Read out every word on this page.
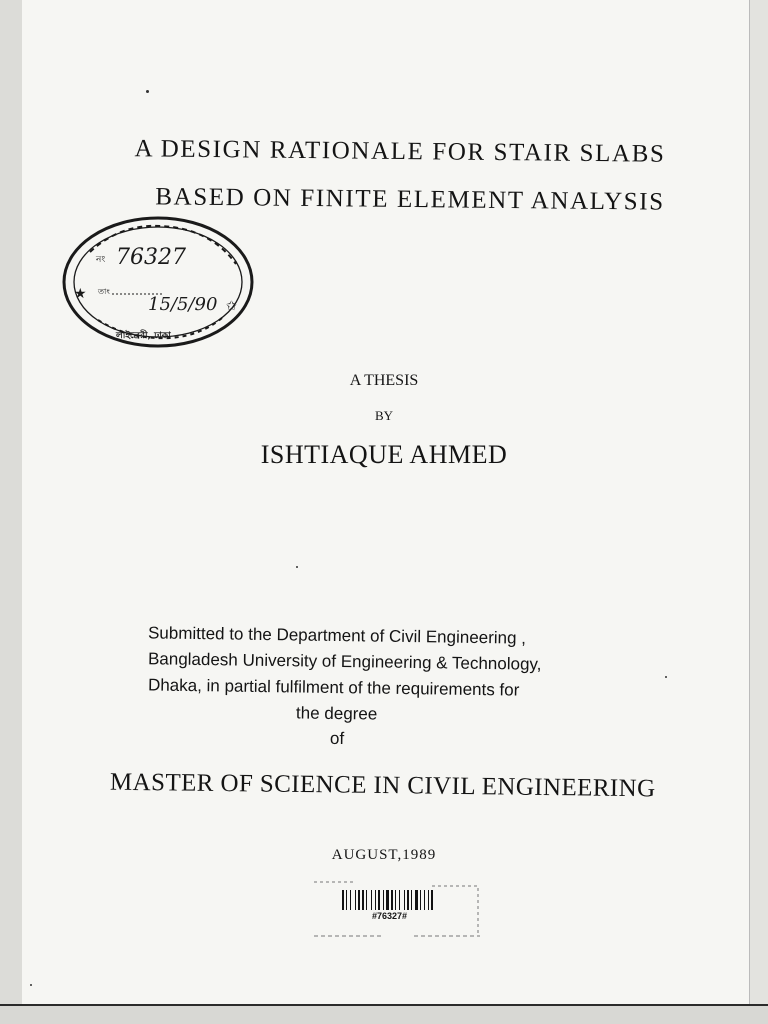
A DESIGN RATIONALE FOR STAIR SLABS
BASED ON FINITE ELEMENT ANALYSIS
★
✩
নং
তাং
76327
15/5/90
লাইব্রেরী, ঢাকা
A THESIS
BY
ISHTIAQUE AHMED
Submitted to the Department of Civil Engineering ,
Bangladesh University of Engineering & Technology,
Dhaka, in partial fulfilment of the requirements for
the degree
of
MASTER OF SCIENCE IN CIVIL ENGINEERING
AUGUST,1989
#76327#
